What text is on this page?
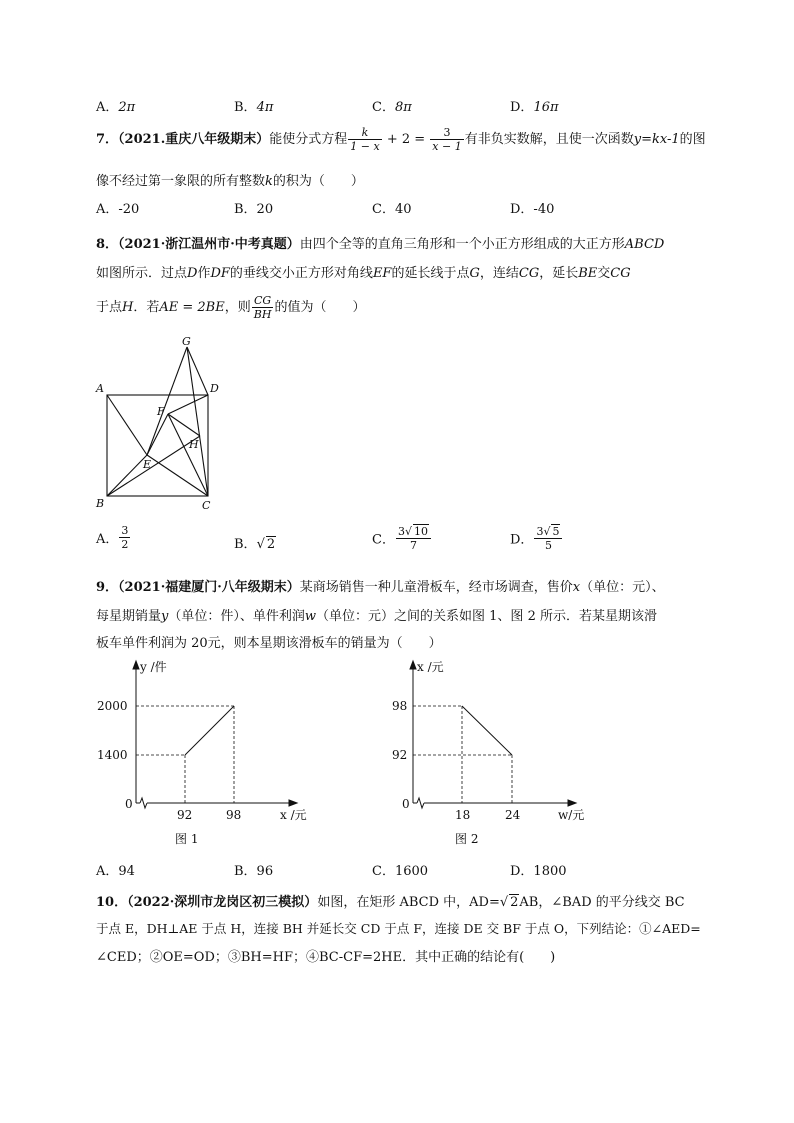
A．2π	B．4π	C．8π	D．16π
7．（2021.重庆八年级期末）能使分式方程 $\frac{k}{1 - x} + 2 = \frac{3}{x - 1}$ 有非负实数解，且使一次函数y=kx-1的图
像不经过第一象限的所有整数k的积为（　　）
A．-20	B．20	C．40	D．-40
8．（2021·浙江温州市·中考真题）由四个全等的直角三角形和一个小正方形组成的大正方形ABCD
如图所示．过点D作DF的垂线交小正方形对角线EF的延长线于点G，连结CG，延长BE交CG
于点H．若AE = 2BE，则 $\frac{CG}{BH}$ 的值为（　　）
A
B	C
D
E
F
G
H
A． $\frac{3}{2}$	B．√ 2	C． $\frac{3√ 10}{7}$	D． $\frac{3√ 5}{5}$
9．（2021·福建厦门·八年级期末）某商场销售一种儿童滑板车，经市场调查，售价x（单位：元）、
每星期销量y（单位：件）、单件利润w（单位：元）之间的关系如图 1、图 2 所示．若某星期该滑
板车单件利润为 20元，则本星期该滑板车的销量为（　　）
y /件
2000
1400
0
92	98	x /元
图 1
x /元
98
92
0
18	24	w/元
图 2
A．94	B．96	C．1600	D．1800
10．（2022·深圳市龙岗区初三模拟）如图，在矩形 ABCD 中，AD=√ 2AB，∠BAD 的平分线交 BC
于点 E，DH⊥AE 于点 H，连接 BH 并延长交 CD 于点 F，连接 DE 交 BF 于点 O，下列结论：①∠AED=
∠CED；②OE=OD；③BH=HF；④BC-CF=2HE．其中正确的结论有(　　)
